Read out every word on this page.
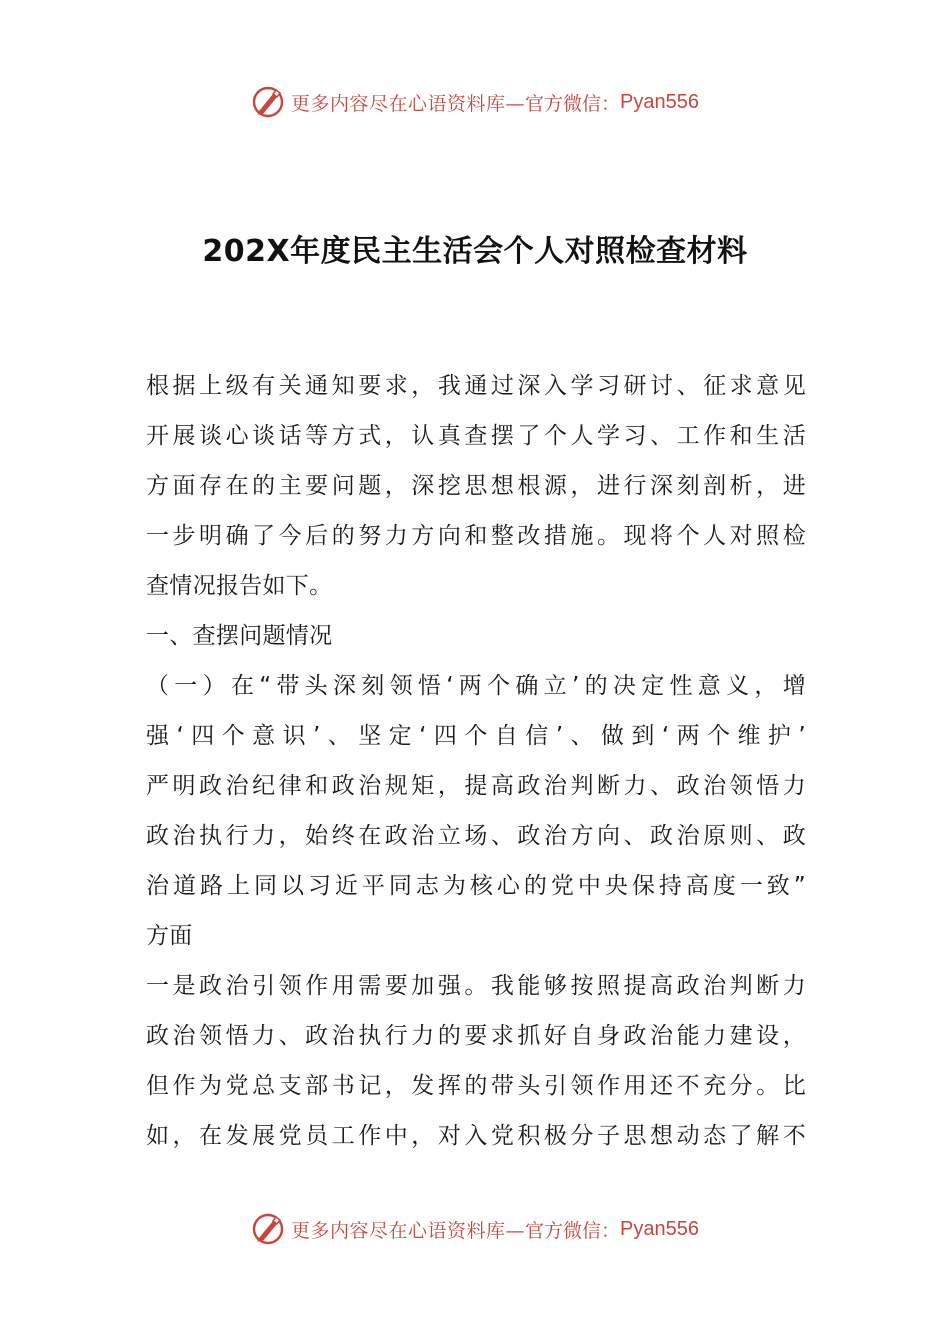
更多内容尽在心语资料库— 官方微信： Pyan556
202X年度民主生活会个人对照检查材料
根据上级有关通知要求，我通过深入学习研讨、征求意见
开展谈心谈话等方式，认真查摆了个人学习、工作和生活
方面存在的主要问题，深挖思想根源，进行深刻剖析，进
一步明确了今后的努力方向和整改措施。现将个人对照检
查情况报告如下。
一、查摆问题情况
（一）在“带头深刻领悟‘两个确立’的决定性意义，增
强‘四个意识’、坚定‘四个自信’、做到‘两个维护’
严明政治纪律和政治规矩，提高政治判断力、政治领悟力
政治执行力，始终在政治立场、政治方向、政治原则、政
治道路上同以习近平同志为核心的党中央保持高度一致”
方面
一是政治引领作用需要加强。我能够按照提高政治判断力
政治领悟力、政治执行力的要求抓好自身政治能力建设，
但作为党总支部书记，发挥的带头引领作用还不充分。比
如，在发展党员工作中，对入党积极分子思想动态了解不
更多内容尽在心语资料库— 官方微信： Pyan556
